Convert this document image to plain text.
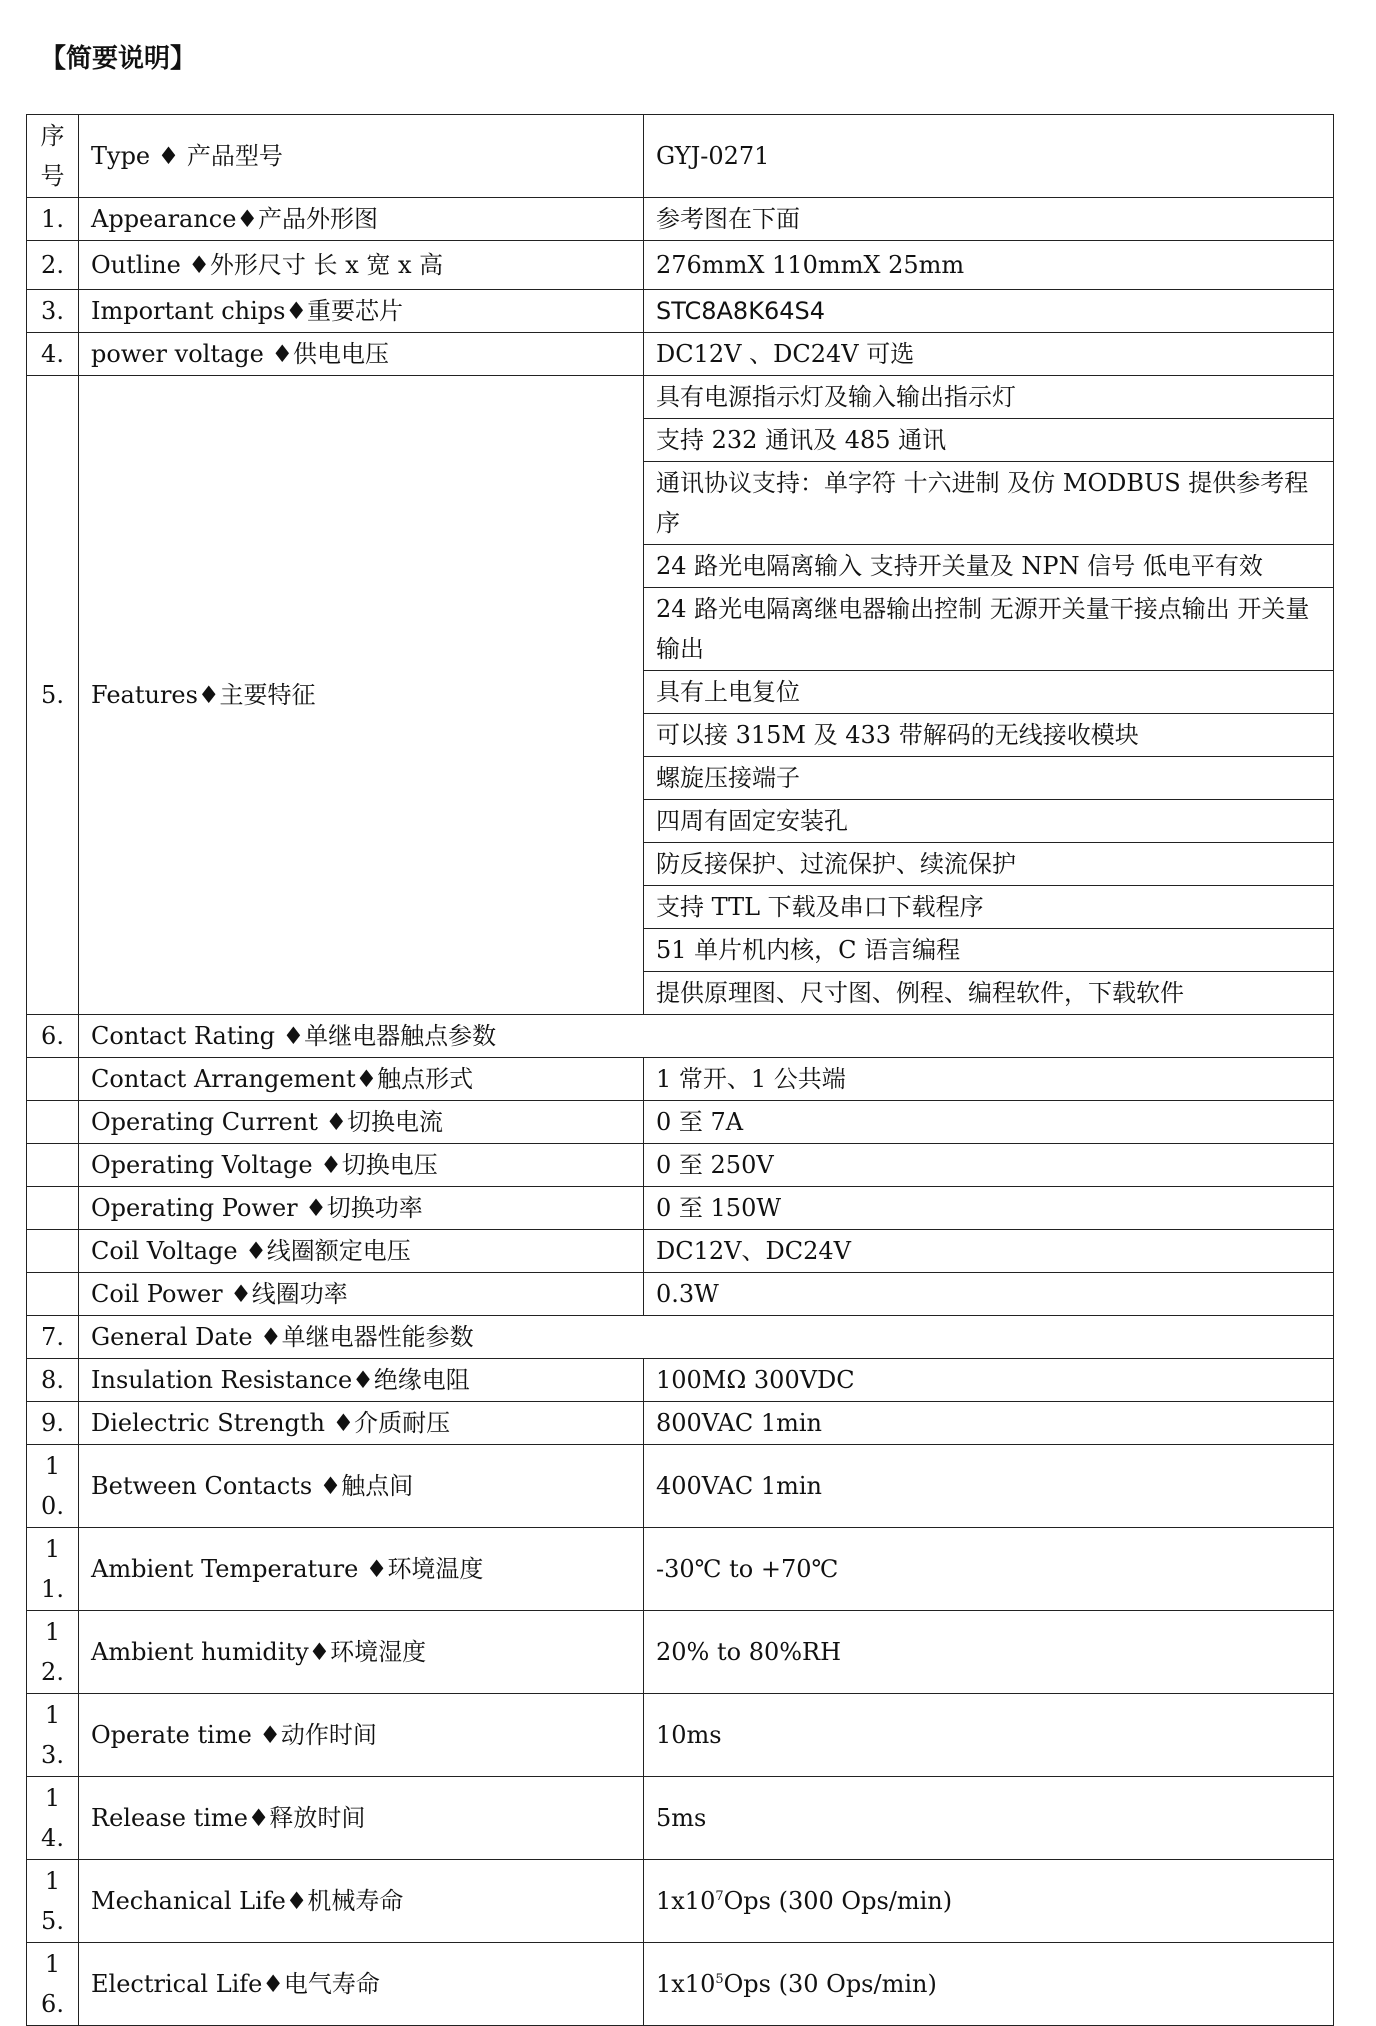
【简要说明】
序号	Type ♦ 产品型号	GYJ-0271
1.	Appearance♦产品外形图	参考图在下面
2.	Outline ♦外形尺寸 长 x 宽 x 高	276mmX 110mmX 25mm
3.	Important chips♦重要芯片	STC8A8K64S4
4.	power voltage ♦供电电压	DC12V 、DC24V 可选
5.	Features♦主要特征	具有电源指示灯及输入输出指示灯
		支持 232 通讯及 485 通讯
		通讯协议支持：单字符 十六进制 及仿 MODBUS 提供参考程序
		24 路光电隔离输入 支持开关量及 NPN 信号 低电平有效
		24 路光电隔离继电器输出控制 无源开关量干接点输出 开关量输出
		具有上电复位
		可以接 315M 及 433 带解码的无线接收模块
		螺旋压接端子
		四周有固定安装孔
		防反接保护、过流保护、续流保护
		支持 TTL 下载及串口下载程序
		51 单片机内核，C 语言编程
		提供原理图、尺寸图、例程、编程软件，下载软件
6.	Contact Rating ♦单继电器触点参数	
	Contact Arrangement♦触点形式	1 常开、1 公共端
	Operating Current ♦切换电流	0 至 7A
	Operating Voltage ♦切换电压	0 至 250V
	Operating Power ♦切换功率	0 至 150W
	Coil Voltage ♦线圈额定电压	DC12V、DC24V
	Coil Power ♦线圈功率	0.3W
7.	General Date ♦单继电器性能参数	
8.	Insulation Resistance♦绝缘电阻	100MΩ 300VDC
9.	Dielectric Strength ♦介质耐压	800VAC 1min
10.	Between Contacts ♦触点间	400VAC 1min
11.	Ambient Temperature ♦环境温度	-30℃ to +70℃
12.	Ambient humidity♦环境湿度	20% to 80%RH
13.	Operate time ♦动作时间	10ms
14.	Release time♦释放时间	5ms
15.	Mechanical Life♦机械寿命	$1x10^7Ops$ (300 Ops/min)
16.	Electrical Life♦电气寿命	$1x10^5Ops$ (30 Ops/min)
